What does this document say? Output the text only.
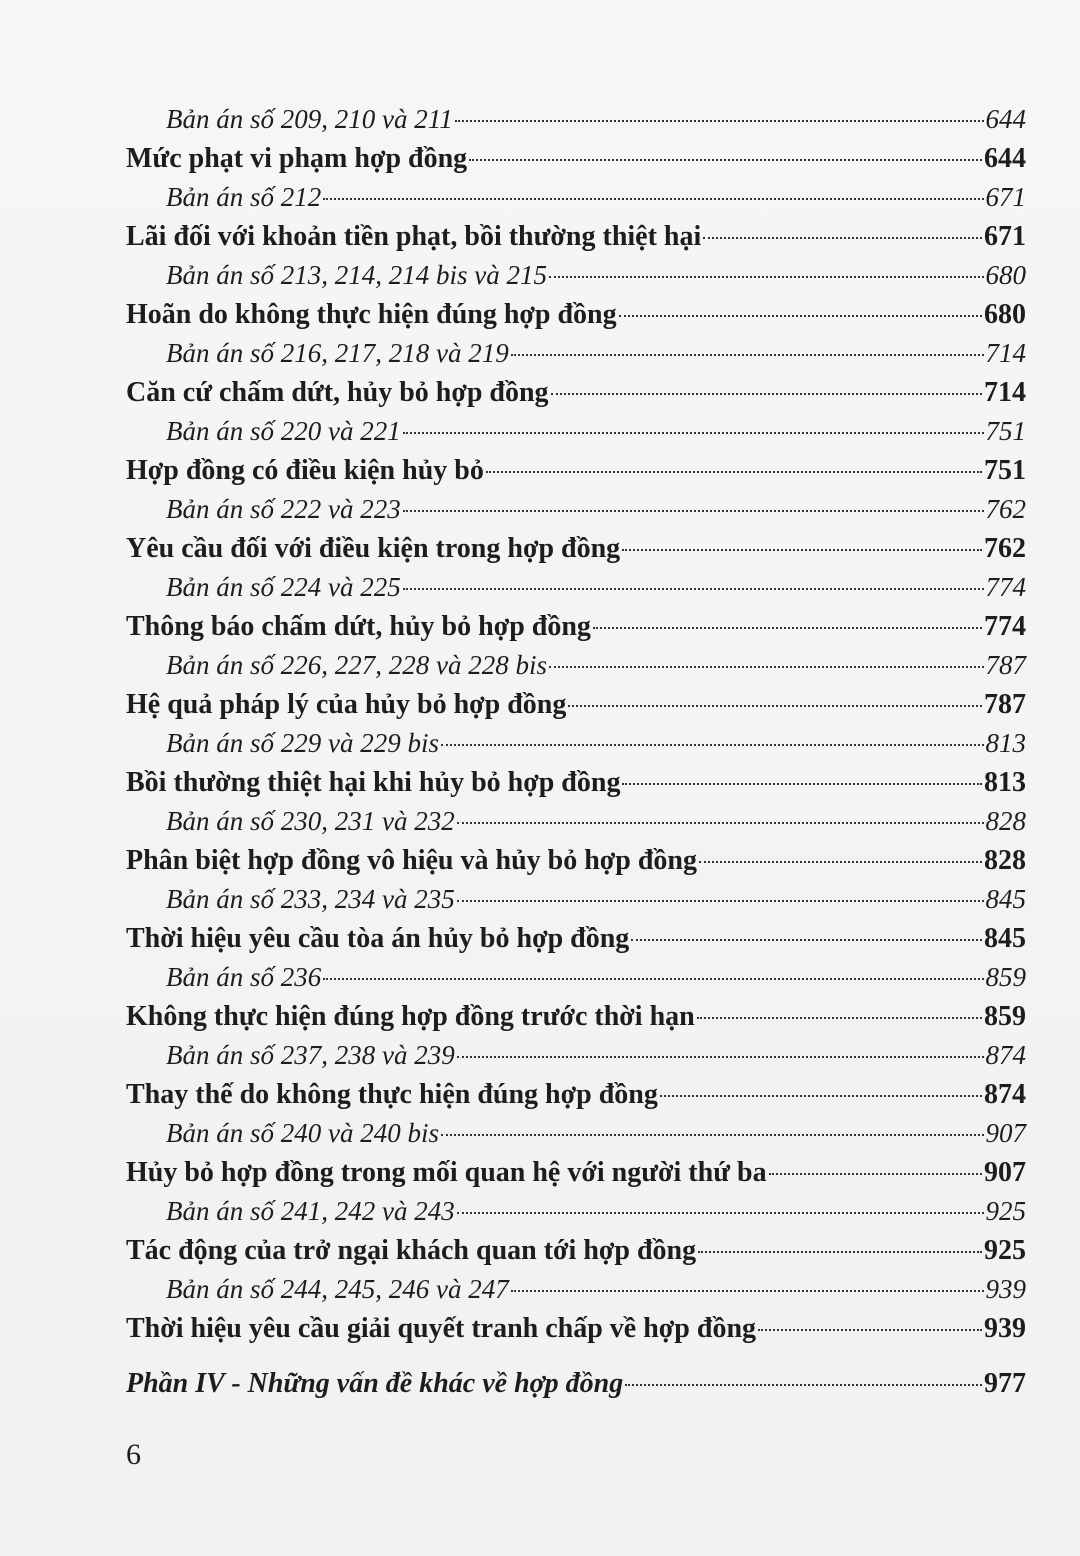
Bản án số 209, 210 và 211	644
Mức phạt vi phạm hợp đồng	644
Bản án số 212	671
Lãi đối với khoản tiền phạt, bồi thường thiệt hại	671
Bản án số 213, 214, 214 bis và 215	680
Hoãn do không thực hiện đúng hợp đồng	680
Bản án số 216, 217, 218 và 219	714
Căn cứ chấm dứt, hủy bỏ hợp đồng	714
Bản án số 220 và 221	751
Hợp đồng có điều kiện hủy bỏ	751
Bản án số 222 và 223	762
Yêu cầu đối với điều kiện trong hợp đồng	762
Bản án số 224 và 225	774
Thông báo chấm dứt, hủy bỏ hợp đồng	774
Bản án số 226, 227, 228 và 228 bis	787
Hệ quả pháp lý của hủy bỏ hợp đồng	787
Bản án số 229 và 229 bis	813
Bồi thường thiệt hại khi hủy bỏ hợp đồng	813
Bản án số 230, 231 và 232	828
Phân biệt hợp đồng vô hiệu và hủy bỏ hợp đồng	828
Bản án số 233, 234 và 235	845
Thời hiệu yêu cầu tòa án hủy bỏ hợp đồng	845
Bản án số 236	859
Không thực hiện đúng hợp đồng trước thời hạn	859
Bản án số 237, 238 và 239	874
Thay thế do không thực hiện đúng hợp đồng	874
Bản án số 240 và 240 bis	907
Hủy bỏ hợp đồng trong mối quan hệ với người thứ ba	907
Bản án số 241, 242 và 243	925
Tác động của trở ngại khách quan tới hợp đồng	925
Bản án số 244, 245, 246 và 247	939
Thời hiệu yêu cầu giải quyết tranh chấp về hợp đồng	939
Phần IV - Những vấn đề khác về hợp đồng	977
6
